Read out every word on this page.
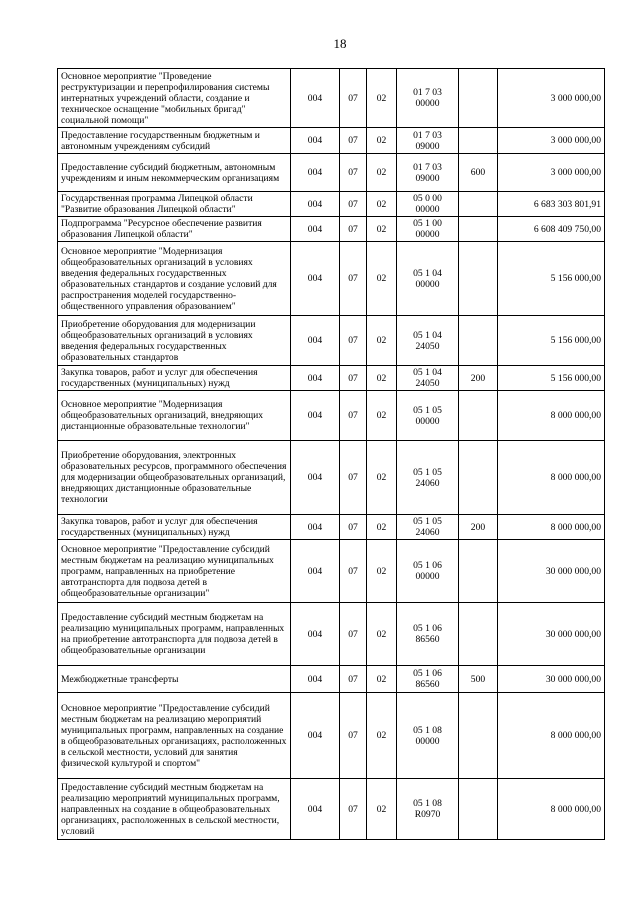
18
Основное мероприятие "Проведение реструктуризации и перепрофилирования системы интернатных учреждений области, создание и техническое оснащение "мобильных бригад" социальной помощи"	004	07	02	01 7 03 00000		3 000 000,00
Предоставление государственным бюджетным и автономным учреждениям субсидий	004	07	02	01 7 03 09000		3 000 000,00
Предоставление субсидий бюджетным, автономным учреждениям и иным некоммерческим организациям	004	07	02	01 7 03 09000	600	3 000 000,00
Государственная программа Липецкой области "Развитие образования Липецкой области"	004	07	02	05 0 00 00000		6 683 303 801,91
Подпрограмма "Ресурсное обеспечение развития образования Липецкой области"	004	07	02	05 1 00 00000		6 608 409 750,00
Основное мероприятие "Модернизация общеобразовательных организаций в условиях введения федеральных государственных образовательных стандартов и создание условий для распространения моделей государственно-общественного управления образованием"	004	07	02	05 1 04 00000		5 156 000,00
Приобретение оборудования для модернизации общеобразовательных организаций в условиях введения федеральных государственных образовательных стандартов	004	07	02	05 1 04 24050		5 156 000,00
Закупка товаров, работ и услуг для обеспечения государственных (муниципальных) нужд	004	07	02	05 1 04 24050	200	5 156 000,00
Основное мероприятие "Модернизация общеобразовательных организаций, внедряющих дистанционные образовательные технологии"	004	07	02	05 1 05 00000		8 000 000,00
Приобретение оборудования, электронных образовательных ресурсов, программного обеспечения для модернизации общеобразовательных организаций, внедряющих дистанционные образовательные технологии	004	07	02	05 1 05 24060		8 000 000,00
Закупка товаров, работ и услуг для обеспечения государственных (муниципальных) нужд	004	07	02	05 1 05 24060	200	8 000 000,00
Основное мероприятие "Предоставление субсидий местным бюджетам на реализацию муниципальных программ, направленных на приобретение автотранспорта для подвоза детей в общеобразовательные организации"	004	07	02	05 1 06 00000		30 000 000,00
Предоставление субсидий местным бюджетам на реализацию муниципальных программ, направленных на приобретение автотранспорта для подвоза детей в общеобразовательные организации	004	07	02	05 1 06 86560		30 000 000,00
Межбюджетные трансферты	004	07	02	05 1 06 86560	500	30 000 000,00
Основное мероприятие "Предоставление субсидий местным бюджетам на реализацию мероприятий муниципальных программ, направленных на создание в общеобразовательных организациях, расположенных в сельской местности, условий для занятия физической культурой и спортом"	004	07	02	05 1 08 00000		8 000 000,00
Предоставление субсидий местным бюджетам на реализацию мероприятий муниципальных программ, направленных на создание в общеобразовательных организациях, расположенных в сельской местности, условий	004	07	02	05 1 08 R0970		8 000 000,00
